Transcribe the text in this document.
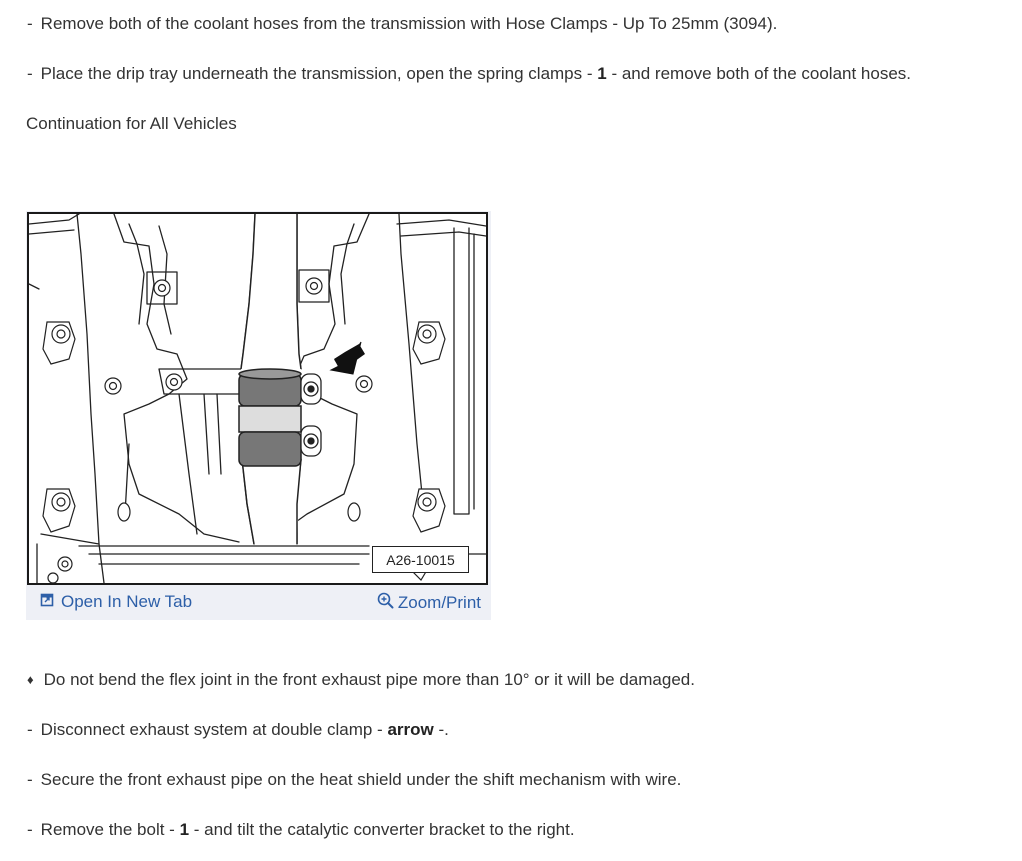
- Remove both of the coolant hoses from the transmission with Hose Clamps - Up To 25mm (3094).
- Place the drip tray underneath the transmission, open the spring clamps - 1 - and remove both of the coolant hoses.
Continuation for All Vehicles
A26-10015
Open In New Tab	Zoom/Print
♦ Do not bend the flex joint in the front exhaust pipe more than 10° or it will be damaged.
- Disconnect exhaust system at double clamp - arrow -.
- Secure the front exhaust pipe on the heat shield under the shift mechanism with wire.
- Remove the bolt - 1 - and tilt the catalytic converter bracket to the right.
